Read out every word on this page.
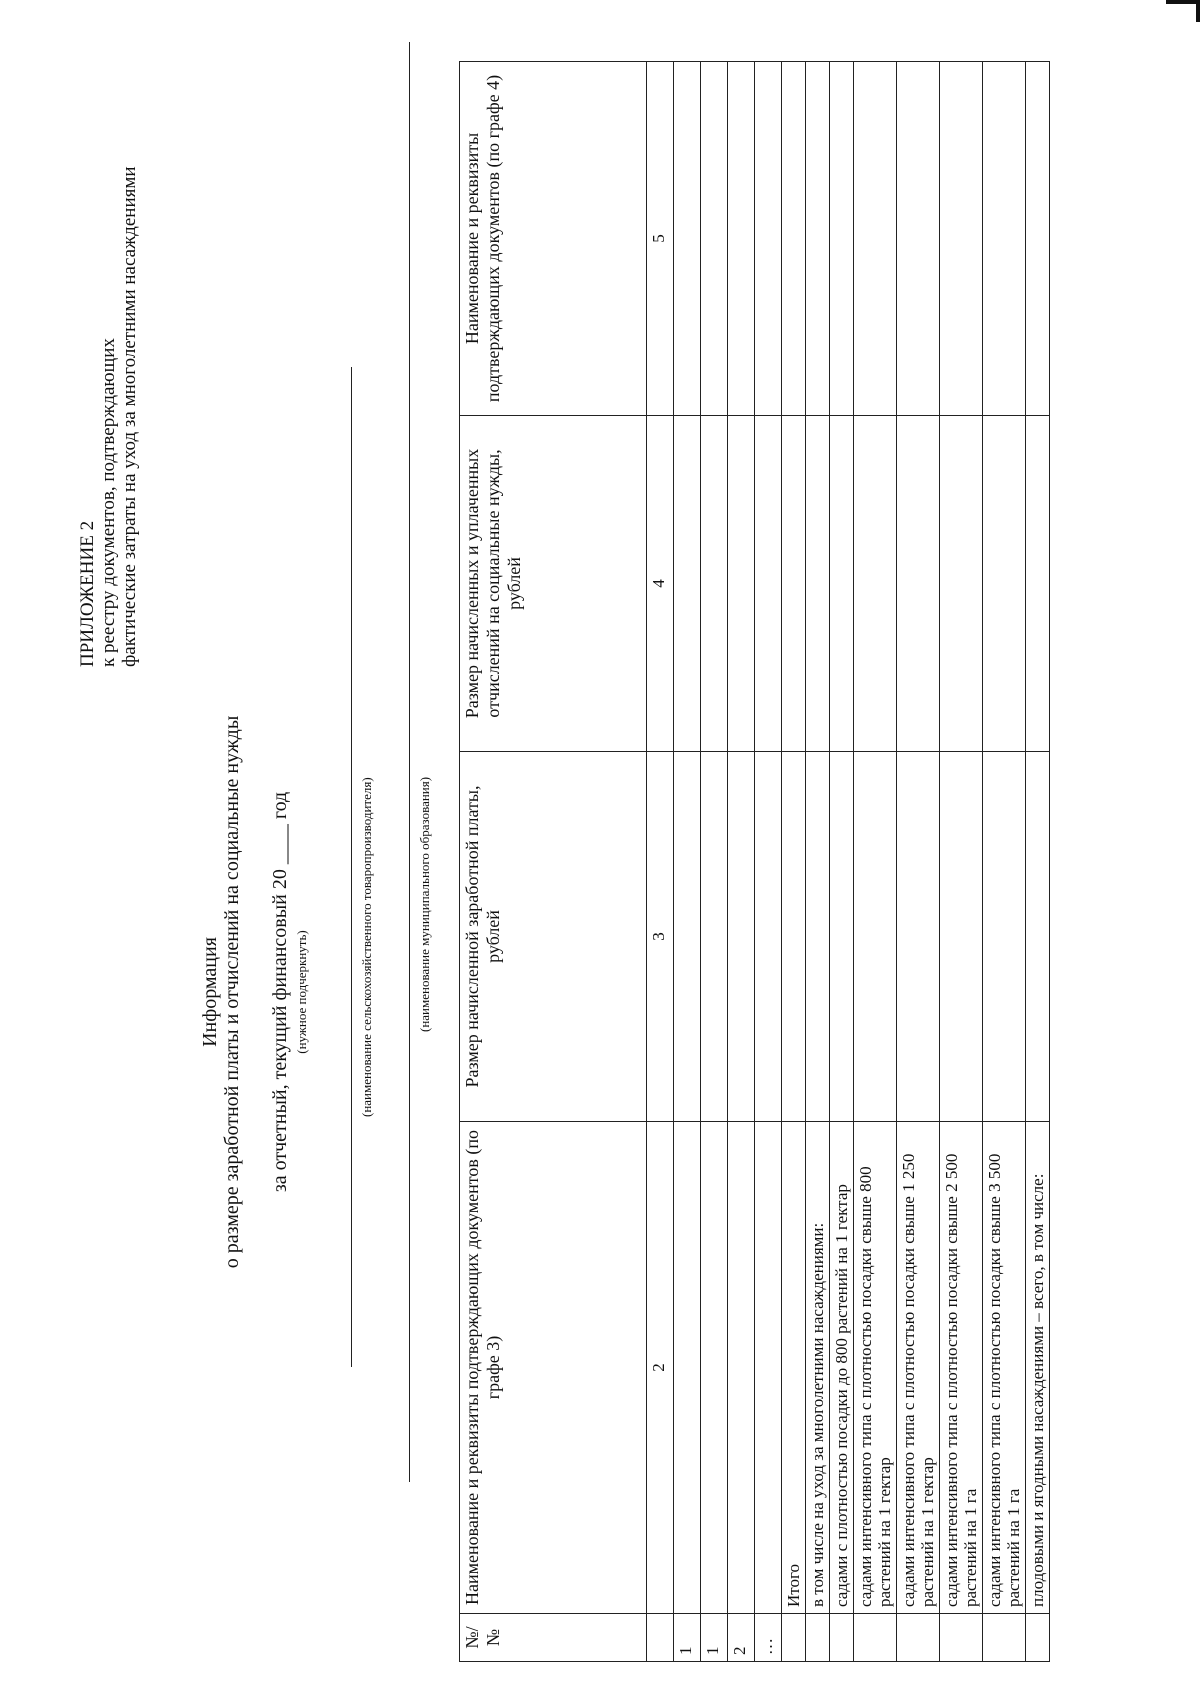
ПРИЛОЖЕНИЕ 2 к реестру документов, подтверждающих фактические затраты на уход за многолетними насаждениями
Информация о размере заработной платы и отчислений на социальные нужды за отчетный, текущий финансовый 20 ____ год (нужное подчеркнуть)	(наименование сельскохозяйственного товаропроизводителя)	(наименование муниципального образования)
№/ №	Наименование и реквизиты подтверждающих документов (по графе 3)	Размер начисленной заработной платы, рублей	Размер начисленных и уплаченных отчислений на социальные нужды, рублей	Наименование и реквизиты подтверждающих документов (по графе 4)
	2	3	4	5
1				
1				
2				
…				
	Итого			
	в том числе на уход за многолетними насаждениями:			
	садами с плотностью посадки до 800 растений на 1 гектар			
	садами интенсивного типа с плотностью посадки свыше 800 растений на 1 гектар			
	садами интенсивного типа с плотностью посадки свыше 1 250 растений на 1 гектар			
	садами интенсивного типа с плотностью посадки свыше 2 500 растений на 1 га			
	садами интенсивного типа с плотностью посадки свыше 3 500 растений на 1 га			
	плодовыми и ягодными насаждениями – всего, в том числе:			
